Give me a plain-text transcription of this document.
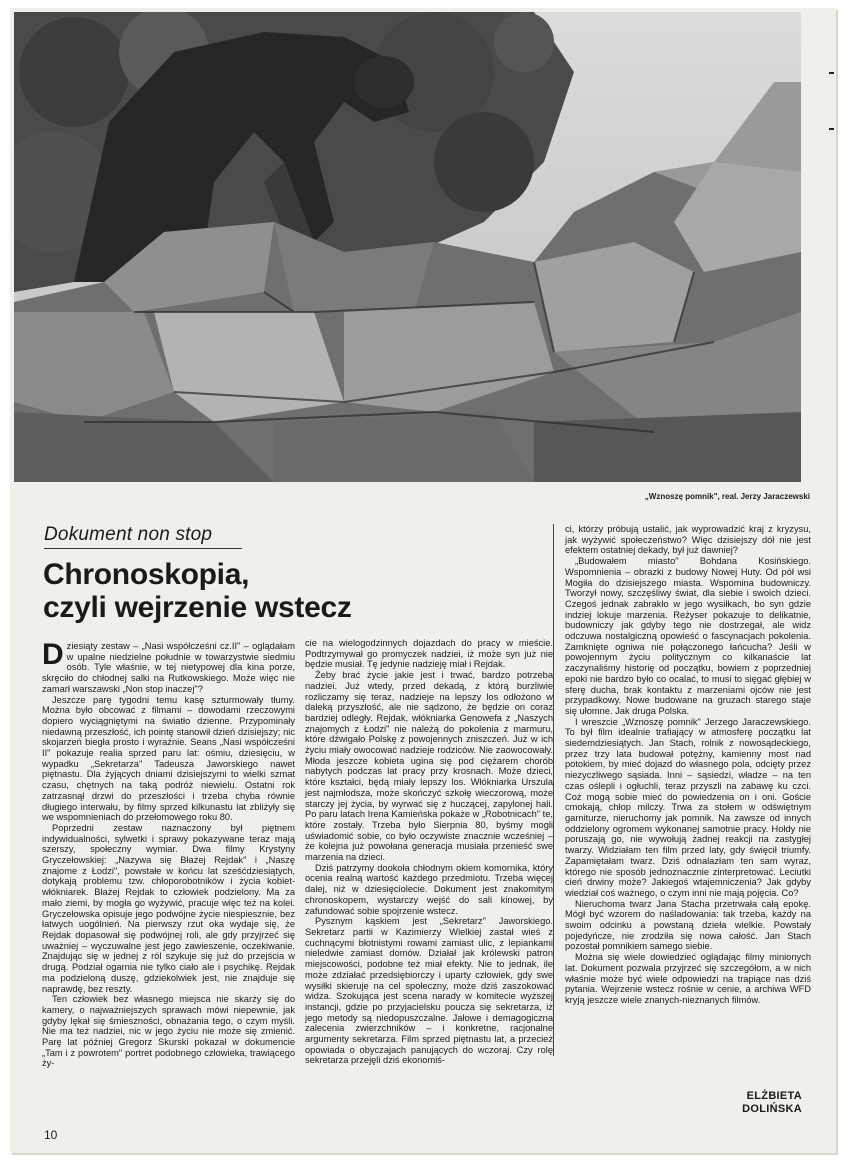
„Wznoszę pomnik", real. Jerzy Jaraczewski
Dokument non stop
Chronoskopia,
czyli wejrzenie wstecz

Dziesiąty zestaw – „Nasi współcześni cz.II" – oglądałam w upalne niedzielne południe w towarzystwie siedmiu osób. Tyle właśnie, w tej nietypowej dla kina porze, skręciło do chłodnej salki na Rutkowskiego. Może więc nie zamarł warszawski „Non stop inaczej"?

Jeszcze parę tygodni temu kasę szturmowały tłumy. Można było obcować z filmami – dowodami rzeczowymi dopiero wyciągniętymi na światło dzienne. Przypominały niedawną przeszłość, ich pointę stanowił dzień dzisiejszy; nic skojarzeń biegła prosto i wyraźnie. Seans „Nasi współcześni II" pokazuje realia sprzed paru lat: ośmiu, dziesięciu, w wypadku „Sekretarza" Tadeusza Jaworskiego nawet piętnastu. Dla żyjących dniami dzisiejszymi to wielki szmat czasu, chętnych na taką podróż niewielu. Ostatni rok zatrzasnął drzwi do przeszłości i trzeba chyba równie długiego interwału, by filmy sprzed kilkunastu lat zbliżyły się we wspomnieniach do przełomowego roku 80.

Poprzedni zestaw naznaczony był piętnem indywidualności, sylwetki i sprawy pokazywane teraz mają szerszy, społeczny wymiar. Dwa filmy Krystyny Gryczełowskiej: „Nazywa się Błażej Rejdak" i „Naszę znajome z Łodzi", powstałe w końcu lat sześćdziesiątych, dotykają problemu tzw. chłoporobotników i życia kobiet-włókniarek. Błażej Rejdak to człowiek podzielony. Ma za mało ziemi, by mogła go wyżywić, pracuje więc też na kolei. Gryczełowska opisuje jego podwójne życie niespiesznie, bez łatwych uogólnień. Na pierwszy rzut oka wydaje się, że Rejdak dopasował się podwójnej roli, ale gdy przyjrzeć się uważniej – wyczuwalne jest jego zawieszenie, oczekiwanie. Znajdując się w jednej z ról szykuje się już do przejścia w drugą. Podział ogarnia nie tylko ciało ale i psychikę. Rejdak ma podzieloną duszę, gdziekolwiek jest, nie znajduje się naprawdę, bez reszty.

Ten człowiek bez własnego miejsca nie skarży się do kamery, o najważniejszych sprawach mówi niepewnie, jak gdyby lękał się śmieszności, obnażania tego, o czym myśli. Nie ma też nadziei, nic w jego życiu nie może się zmienić. Parę lat później Gregorz Skurski pokazał w dokumencie „Tam i z powrotem" portret podobnego człowieka, trawiącego ży-

cie na wielogodzinnych dojazdach do pracy w mieście. Podtrzymywał go promyczek nadziei, iż może syn już nie będzie musiał. Tę jedynie nadzieję miał i Rejdak.

Żeby brać życie jakie jest i trwać, bardzo potrzeba nadziei. Już wtedy, przed dekadą, z którą burzliwie rozliczamy się teraz, nadzieje na lepszy los odłożono w daleką przyszłość, ale nie sądzono, że będzie on coraz bardziej odległy. Rejdak, włókniarka Genowefa z „Naszych znajomych z Łodzi" nie należą do pokolenia z marmuru, które dźwigało Polskę z powojennych zniszczeń. Już w ich życiu miały owocować nadzieje rodziców. Nie zaowocowały. Młoda jeszcze kobieta ugina się pod ciężarem chorób nabytych podczas lat pracy przy krosnach. Może dzieci, które kształci, będą miały lepszy los. Włókniarka Urszula jest najmłodsza, może skończyć szkołę wieczorową, może starczy jej życia, by wyrwać się z huczącej, zapylonej hali. Po paru latach Irena Kamieńska pokaże w „Robotnicach" te, które zostały. Trzeba było Sierpnia 80, byśmy mogli uświadomić sobie, co było oczywiste znacznie wcześniej – że kolejna już powołana generacja musiała przenieść swe marzenia na dzieci.

Dziś patrzymy dookoła chłodnym okiem komornika, który ocenia realną wartość każdego przedmiotu. Trzeba więcej dalej, niż w dziesięciolecie. Dokument jest znakomitym chronoskopem, wystarczy wejść do sali kinowej, by zafundować sobie spojrzenie wstecz.

Pysznym kąskiem jest „Sekretarz" Jaworskiego. Sekretarz partii w Kazimierzy Wielkiej zastał wieś z cuchnącymi błotnistymi rowami zamiast ulic, z lepiankami nieledwie zamiast domów. Działał jak królewski patron miejscowości, podobne też miał efekty. Nie to jednak, ile może zdziałać przedsiębiorczy i uparty człowiek, gdy swe wysiłki skieruje na cel społeczny, może dziś zaszokować widza. Szokująca jest scena narady w komitecie wyższej instancji, gdzie po przyjacielsku poucza się sekretarza, iż jego metody są niedopuszczalne. Jałowe i demagogiczna zalecenia zwierzchników – i konkretne, racjonalne argumenty sekretarza. Film sprzed piętnastu lat, a przecież opowiada o obyczajach panujących do wczoraj. Czy rolę sekretarza przejęli dziś ekonomiś-

ci, którzy próbują ustalić, jak wyprowadzić kraj z kryzysu, jak wyżywić społeczeństwo? Więc dzisiejszy dół nie jest efektem ostatniej dekady, był już dawniej?

„Budowałem miasto" Bohdana Kosińskiego. Wspomnienia – obrazki z budowy Nowej Huty. Od pół wsi Mogiła do dzisiejszego miasta. Wspomina budowniczy. Tworzył nowy, szczęśliwy świat, dla siebie i swoich dzieci. Czegoś jednak zabrakło w jego wysiłkach, bo syn gdzie indziej lokuje marzenia. Reżyser pokazuje to delikatnie, budowniczy jak gdyby tego nie dostrzegał, ale widz odczuwa nostalgiczną opowieść o fascynacjach pokolenia. Zamknięte ogniwa nie połączonego łańcucha? Jeśli w powojennym życiu politycznym co kilkanaście lat zaczynaliśmy historię od początku, bowiem z poprzedniej epoki nie bardzo było co ocalać, to musi to sięgać głębiej w sferę ducha, brak kontaktu z marzeniami ojców nie jest przypadkowy. Nowe budowane na gruzach starego staje się ułomne. Jak druga Polska.

I wreszcie „Wznoszę pomnik" Jerzego Jaraczewskiego. To był film idealnie trafiający w atmosferę początku lat siedemdziesiątych. Jan Stach, rolnik z nowosądeckiego, przez trzy lata budował potężny, kamienny most nad potokiem, by mieć dojazd do własnego pola, odcięty przez niezyczliwego sąsiada. Inni – sąsiedzi, władze – na ten czas oślepli i ogłuchli, teraz przyszli na zabawę ku czci. Coż mogą sobie mieć do powiedzenia on i oni. Goście cmokają, chłop milczy. Trwa za stołem w odświętnym garniturze, nieruchomy jak pomnik. Na zawsze od innych oddzielony ogromem wykonanej samotnie pracy. Hołdy nie poruszają go, nie wywołują żadnej reakcji na zastygłej twarzy. Widziałam ten film przed laty, gdy święcił triumfy. Zapamiętałam twarz. Dziś odnalazłam ten sam wyraz, którego nie sposób jednoznacznie zinterpretować. Leciutki cień drwiny może? Jakiegoś wtajemniczenia? Jak gdyby wiedział coś ważnego, o czym inni nie mają pojęcia. Co?

Nieruchoma twarz Jana Stacha przetrwała całą epokę. Mógł być wzorem do naśladowania: tak trzeba, każdy na swoim odcinku a powstaną dzieła wielkie. Powstały pojedyńcze, nie zrodziła się nowa całość. Jan Stach pozostał pomnikiem samego siebie.

Można się wiele dowiedzieć oglądając filmy minionych lat. Dokument pozwala przyjrzeć się szczegółom, a w nich właśnie może być wiele odpowiedzi na trapiące nas dziś pytania. Wejrzenie wstecz rośnie w cenie, a archiwa WFD kryją jeszcze wiele znanych-nieznanych filmów.

ELŻBIETA
DOLIŃSKA
10
